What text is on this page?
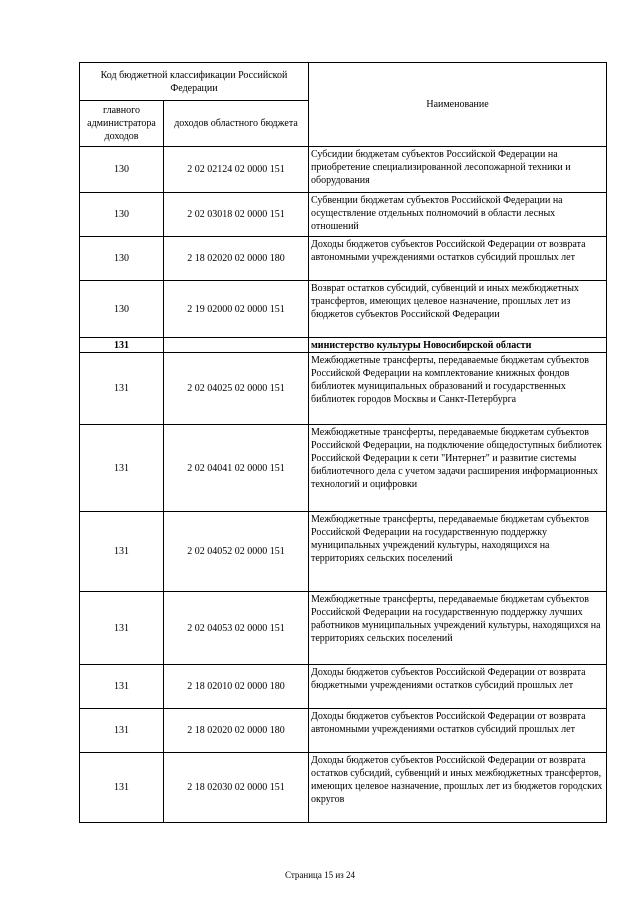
Код бюджетной классификации Российской Федерации		Наименование
главного администратора доходов	доходов областного бюджета	
130	2 02 02124 02 0000 151	Субсидии бюджетам субъектов Российской Федерации на приобретение специализированной лесопожарной техники и оборудования
130	2 02 03018 02 0000 151	Субвенции бюджетам субъектов Российской Федерации на осуществление отдельных полномочий в области лесных отношений
130	2 18 02020 02 0000 180	Доходы бюджетов субъектов Российской Федерации от возврата автономными учреждениями остатков субсидий прошлых лет
130	2 19 02000 02 0000 151	Возврат остатков субсидий, субвенций и иных межбюджетных трансфертов, имеющих целевое назначение, прошлых лет из бюджетов субъектов Российской Федерации
131		министерство культуры Новосибирской области
131	2 02 04025 02 0000 151	Межбюджетные трансферты, передаваемые бюджетам субъектов Российской Федерации на комплектование книжных фондов библиотек муниципальных образований и государственных библиотек городов Москвы и Санкт-Петербурга
131	2 02 04041 02 0000 151	Межбюджетные трансферты, передаваемые бюджетам субъектов Российской Федерации, на подключение общедоступных библиотек Российской Федерации к сети "Интернет" и развитие системы библиотечного дела с учетом задачи расширения информационных технологий и оцифровки
131	2 02 04052 02 0000 151	Межбюджетные трансферты, передаваемые бюджетам субъектов Российской Федерации на государственную поддержку муниципальных учреждений культуры, находящихся на территориях сельских поселений
131	2 02 04053 02 0000 151	Межбюджетные трансферты, передаваемые бюджетам субъектов Российской Федерации на государственную поддержку лучших работников муниципальных учреждений культуры, находящихся на территориях сельских поселений
131	2 18 02010 02 0000 180	Доходы бюджетов субъектов Российской Федерации от возврата бюджетными учреждениями остатков субсидий прошлых лет
131	2 18 02020 02 0000 180	Доходы бюджетов субъектов Российской Федерации от возврата автономными учреждениями остатков субсидий прошлых лет
131	2 18 02030 02 0000 151	Доходы бюджетов субъектов Российской Федерации от возврата остатков субсидий, субвенций и иных межбюджетных трансфертов, имеющих целевое назначение, прошлых лет из бюджетов городских округов
Страница 15 из 24
